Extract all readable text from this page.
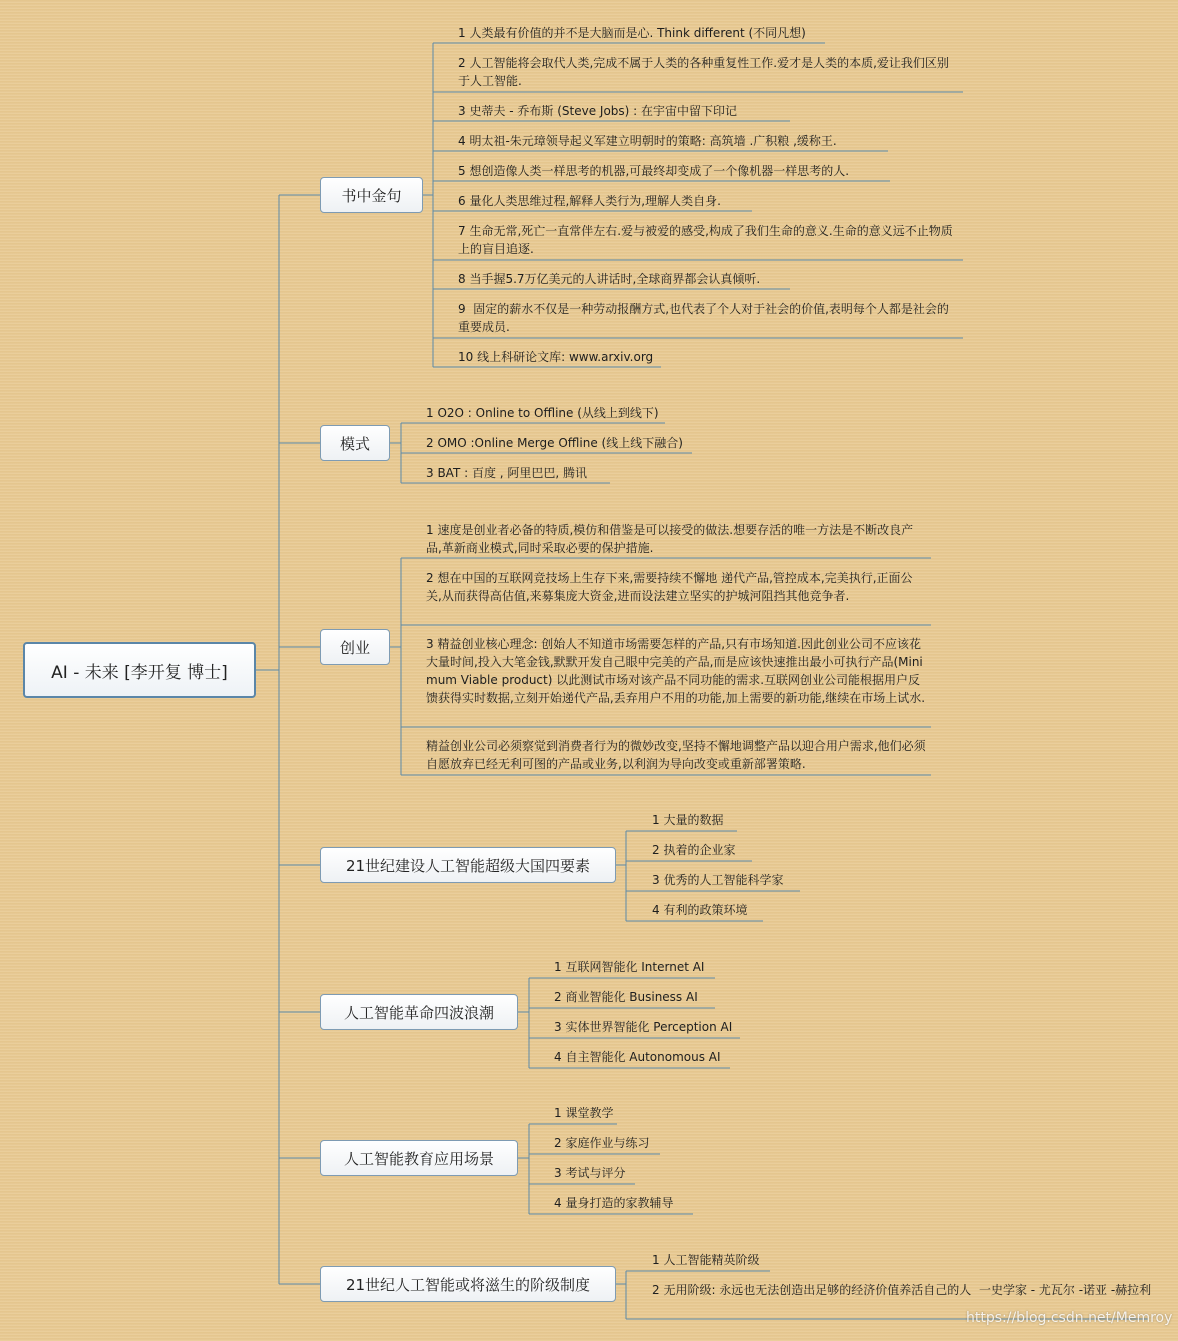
AI - 未来 [李开复 博士]
书中金句
1 人类最有价值的并不是大脑而是心. Think different (不同凡想)
2 人工智能将会取代人类,完成不属于人类的各种重复性工作.爱才是人类的本质,爱让我们区别于人工智能.
3 史蒂夫 - 乔布斯 (Steve Jobs) : 在宇宙中留下印记
4 明太祖-朱元璋领导起义军建立明朝时的策略: 高筑墙 .广积粮 ,缓称王.
5 想创造像人类一样思考的机器,可最终却变成了一个像机器一样思考的人.
6 量化人类思维过程,解释人类行为,理解人类自身.
7 生命无常,死亡一直常伴左右.爱与被爱的感受,构成了我们生命的意义.生命的意义远不止物质上的盲目追逐.
8 当手握5.7万亿美元的人讲话时,全球商界都会认真倾听.
9  固定的薪水不仅是一种劳动报酬方式,也代表了个人对于社会的价值,表明每个人都是社会的重要成员.
10 线上科研论文库: www.arxiv.org
模式
1 O2O : Online to Offline (从线上到线下)
2 OMO :Online Merge Offline (线上线下融合)
3 BAT : 百度 , 阿里巴巴, 腾讯
创业
1 速度是创业者必备的特质,模仿和借鉴是可以接受的做法.想要存活的唯一方法是不断改良产品,革新商业模式,同时采取必要的保护措施.
2 想在中国的互联网竞技场上生存下来,需要持续不懈地 递代产品,管控成本,完美执行,正面公关,从而获得高估值,来募集庞大资金,进而设法建立坚实的护城河阻挡其他竞争者.
3 精益创业核心理念: 创始人不知道市场需要怎样的产品,只有市场知道.因此创业公司不应该花大量时间,投入大笔金钱,默默开发自己眼中完美的产品,而是应该快速推出最小可执行产品(Minimum Viable product) 以此测试市场对该产品不同功能的需求.互联网创业公司能根据用户反馈获得实时数据,立刻开始递代产品,丢弃用户不用的功能,加上需要的新功能,继续在市场上试水.
精益创业公司必须察觉到消费者行为的微妙改变,坚持不懈地调整产品以迎合用户需求,他们必须自愿放弃已经无利可图的产品或业务,以利润为导向改变或重新部署策略.
21世纪建设人工智能超级大国四要素
1 大量的数据
2 执着的企业家
3 优秀的人工智能科学家
4 有利的政策环境
人工智能革命四波浪潮
1 互联网智能化 Internet AI
2 商业智能化 Business AI
3 实体世界智能化 Perception AI
4 自主智能化 Autonomous AI
人工智能教育应用场景
1 课堂教学
2 家庭作业与练习
3 考试与评分
4 量身打造的家教辅导
21世纪人工智能或将滋生的阶级制度
1 人工智能精英阶级
2 无用阶级: 永远也无法创造出足够的经济价值养活自己的人  一史学家 - 尤瓦尔 -诺亚 -赫拉利
https://blog.csdn.net/Memroy
